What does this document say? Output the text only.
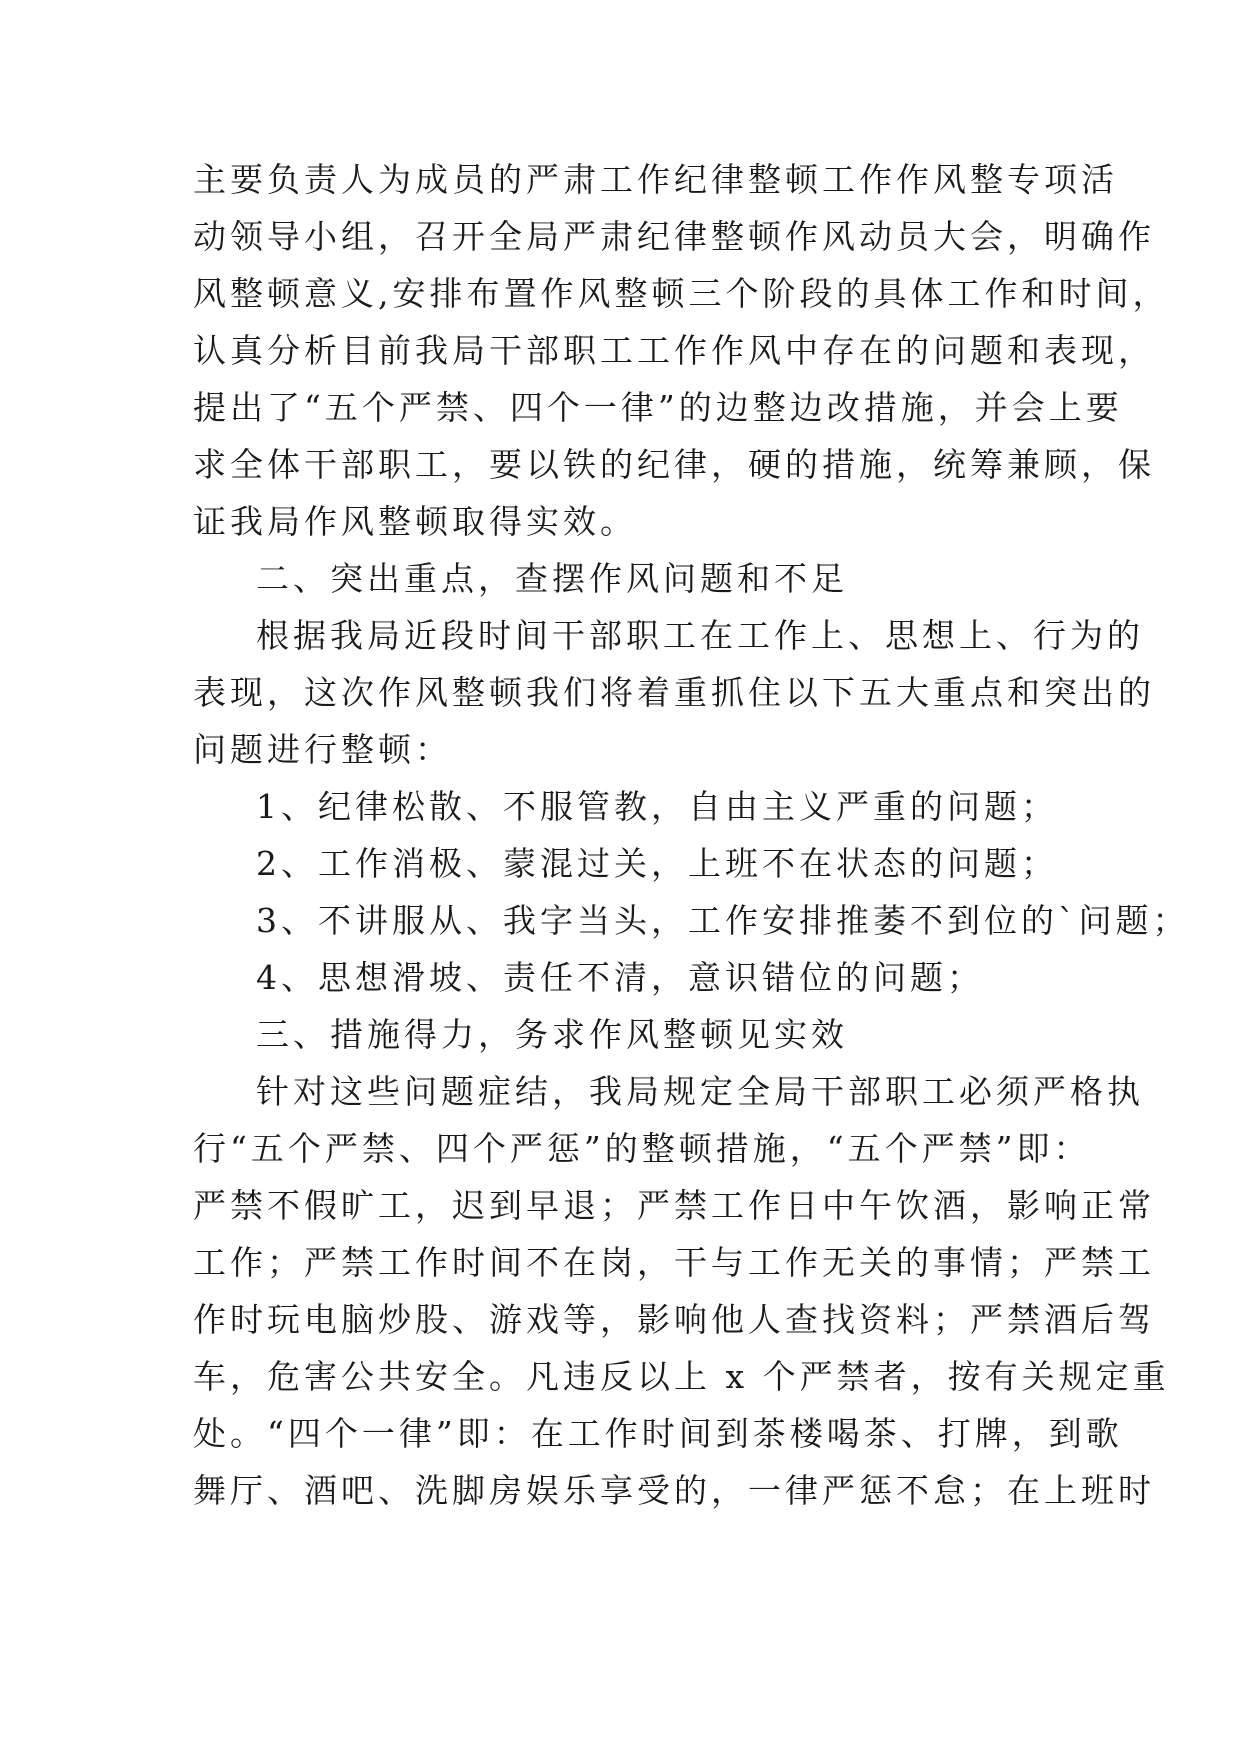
主要负责人为成员的严肃工作纪律整顿工作作风整专项活
动领导小组，召开全局严肃纪律整顿作风动员大会，明确作
风整顿意义,安排布置作风整顿三个阶段的具体工作和时间，
认真分析目前我局干部职工工作作风中存在的问题和表现，
提出了“五个严禁、四个一律”的边整边改措施，并会上要
求全体干部职工，要以铁的纪律，硬的措施，统筹兼顾，保
证我局作风整顿取得实效。
二、突出重点，查摆作风问题和不足
根据我局近段时间干部职工在工作上、思想上、行为的
表现，这次作风整顿我们将着重抓住以下五大重点和突出的
问题进行整顿：
1、纪律松散、不服管教，自由主义严重的问题；
2、工作消极、蒙混过关，上班不在状态的问题；
3、不讲服从、我字当头，工作安排推萎不到位的`问题；
4、思想滑坡、责任不清，意识错位的问题；
三、措施得力，务求作风整顿见实效
针对这些问题症结，我局规定全局干部职工必须严格执
行“五个严禁、四个严惩”的整顿措施，“五个严禁”即：
严禁不假旷工，迟到早退；严禁工作日中午饮酒，影响正常
工作；严禁工作时间不在岗，干与工作无关的事情；严禁工
作时玩电脑炒股、游戏等，影响他人查找资料；严禁酒后驾
车，危害公共安全。凡违反以上 x 个严禁者，按有关规定重
处。“四个一律”即：在工作时间到茶楼喝茶、打牌，到歌
舞厅、酒吧、洗脚房娱乐享受的，一律严惩不怠；在上班时
